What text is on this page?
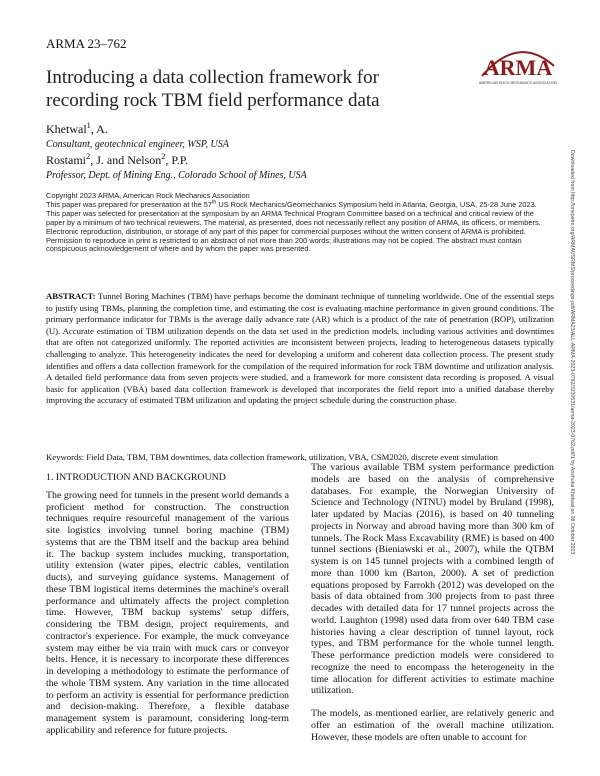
ARMA 23–762
ARMA
AMERICAN ROCK MECHANICS ASSOCIATION
Introducing a data collection framework for recording rock TBM field performance data
Khetwal$^1$, A.
Consultant, geotechnical engineer, WSP, USA
Rostami$^2$, J. and Nelson$^2$, P.P.
Professor, Dept. of Mining Eng., Colorado School of Mines, USA

Copyright 2023 ARMA, American Rock Mechanics Association

This paper was prepared for presentation at the 57th US Rock Mechanics/Geomechanics Symposium held in Atlanta, Georgia, USA, 25-28 June 2023. This paper was selected for presentation at the symposium by an ARMA Technical Program Committee based on a technical and critical review of the paper by a minimum of two technical reviewers. The material, as presented, does not necessarily reflect any position of ARMA, its officers, or members. Electronic reproduction, distribution, or storage of any part of this paper for commercial purposes without the written consent of ARMA is prohibited. Permission to reproduce in print is restricted to an abstract of not more than 200 words; illustrations may not be copied. The abstract must contain conspicuous acknowledgement of where and by whom the paper was presented.

ABSTRACT: Tunnel Boring Machines (TBM) have perhaps become the dominant technique of tunneling worldwide. One of the essential steps to justify using TBMs, planning the completion time, and estimating the cost is evaluating machine performance in given ground conditions. The primary performance indicator for TBMs is the average daily advance rate (AR) which is a product of the rate of penetration (ROP), utilization (U). Accurate estimation of TBM utilization depends on the data set used in the prediction models, including various activities and downtimes that are often not categorized uniformly. The reported activities are inconsistent between projects, leading to heterogeneous datasets typically challenging to analyze. This heterogeneity indicates the need for developing a uniform and coherent data collection process. The present study identifies and offers a data collection framework for the compilation of the required information for rock TBM downtime and utilization analysis. A detailed field performance data from seven projects were studied, and a framework for more consistent data recording is proposed. A visual basic for application (VBA) based data collection framework is developed that incorporates the field report into a unified database thereby improving the accuracy of estimated TBM utilization and updating the project schedule during the construction phase.
Keywords: Field Data, TBM, TBM downtimes, data collection framework, utilization, VBA, CSM2020, discrete event simulation

1. INTRODUCTION AND BACKGROUND

The growing need for tunnels in the present world demands a proficient method for construction. The construction techniques require resourceful management of the various site logistics involving tunnel boring machine (TBM) systems that are the TBM itself and the backup area behind it. The backup system includes mucking, transportation, utility extension (water pipes, electric cables, ventilation ducts), and surveying guidance systems. Management of these TBM logistical items determines the machine's overall performance and ultimately affects the project completion time. However, TBM backup systems' setup differs, considering the TBM design, project requirements, and contractor's experience. For example, the muck conveyance system may either be via train with muck cars or conveyor belts. Hence, it is necessary to incorporate these differences in developing a methodology to estimate the performance of the whole TBM system. Any variation in the time allocated to perform an activity is essential for performance prediction and decision-making. Therefore, a flexible database management system is paramount, considering long-term applicability and reference for future projects.

The various available TBM system performance prediction models are based on the analysis of comprehensive databases. For example, the Norwegian University of Science and Technology (NTNU) model by Bruland (1998), later updated by Macias (2016), is based on 40 tunneling projects in Norway and abroad having more than 300 km of tunnels. The Rock Mass Excavability (RME) is based on 400 tunnel sections (Bieniawski et al., 2007), while the QTBM system is on 145 tunnel projects with a combined length of more than 1000 km (Barton, 2000). A set of prediction equations proposed by Farrokh (2012) was developed on the basis of data obtained from 300 projects from to past three decades with detailed data for 17 tunnel projects across the world. Laughton (1998) used data from over 640 TBM case histories having a clear description of tunnel layout, rock types, and TBM performance for the whole tunnel length. These performance prediction models were considered to recognize the need to encompass the heterogeneity in the time allocation for different activities to estimate machine utilization.

The models, as mentioned earlier, are relatively generic and offer an estimation of the overall machine utilization. However, these models are often unable to account for

Downloaded from http://onepetro.org/ARMAUSRMS/proceedings-pdf/ARMA23/ALL-ARMA-2023-0762/3230531/arma-2023-0762.pdf/1 by Anshuka Khetwal on 08 October 2023
